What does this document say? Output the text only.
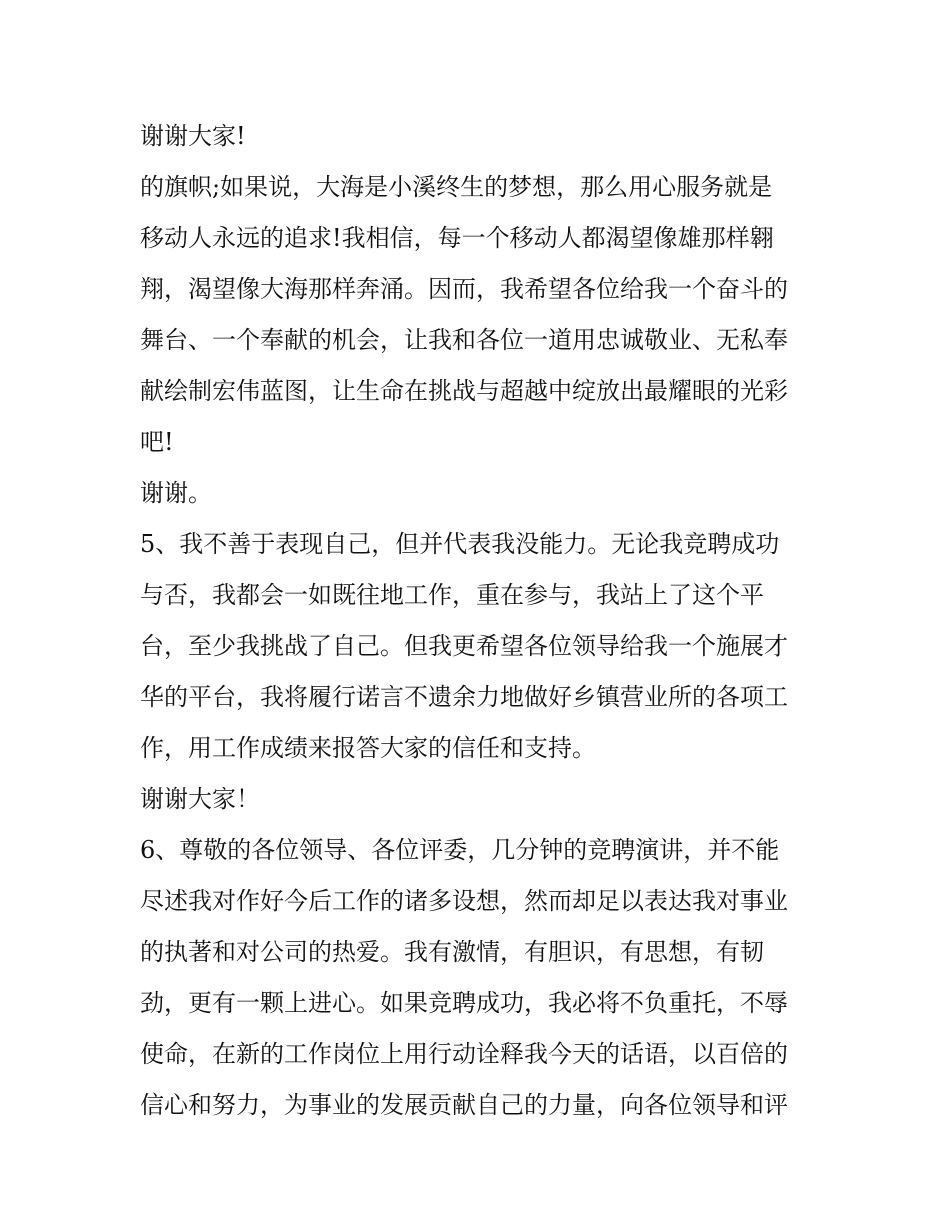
谢谢大家!
的旗帜;如果说，大海是小溪终生的梦想，那么用心服务就是
移动人永远的追求!我相信，每一个移动人都渴望像雄那样翱
翔，渴望像大海那样奔涌。因而，我希望各位给我一个奋斗的
舞台、一个奉献的机会，让我和各位一道用忠诚敬业、无私奉
献绘制宏伟蓝图，让生命在挑战与超越中绽放出最耀眼的光彩
吧!
谢谢。
5、我不善于表现自己，但并代表我没能力。无论我竞聘成功
与否，我都会一如既往地工作，重在参与，我站上了这个平
台，至少我挑战了自己。但我更希望各位领导给我一个施展才
华的平台，我将履行诺言不遗余力地做好乡镇营业所的各项工
作，用工作成绩来报答大家的信任和支持。
谢谢大家！
6、尊敬的各位领导、各位评委，几分钟的竞聘演讲，并不能
尽述我对作好今后工作的诸多设想，然而却足以表达我对事业
的执著和对公司的热爱。我有激情，有胆识，有思想，有韧
劲，更有一颗上进心。如果竞聘成功，我必将不负重托，不辱
使命，在新的工作岗位上用行动诠释我今天的话语，以百倍的
信心和努力，为事业的发展贡献自己的力量，向各位领导和评
